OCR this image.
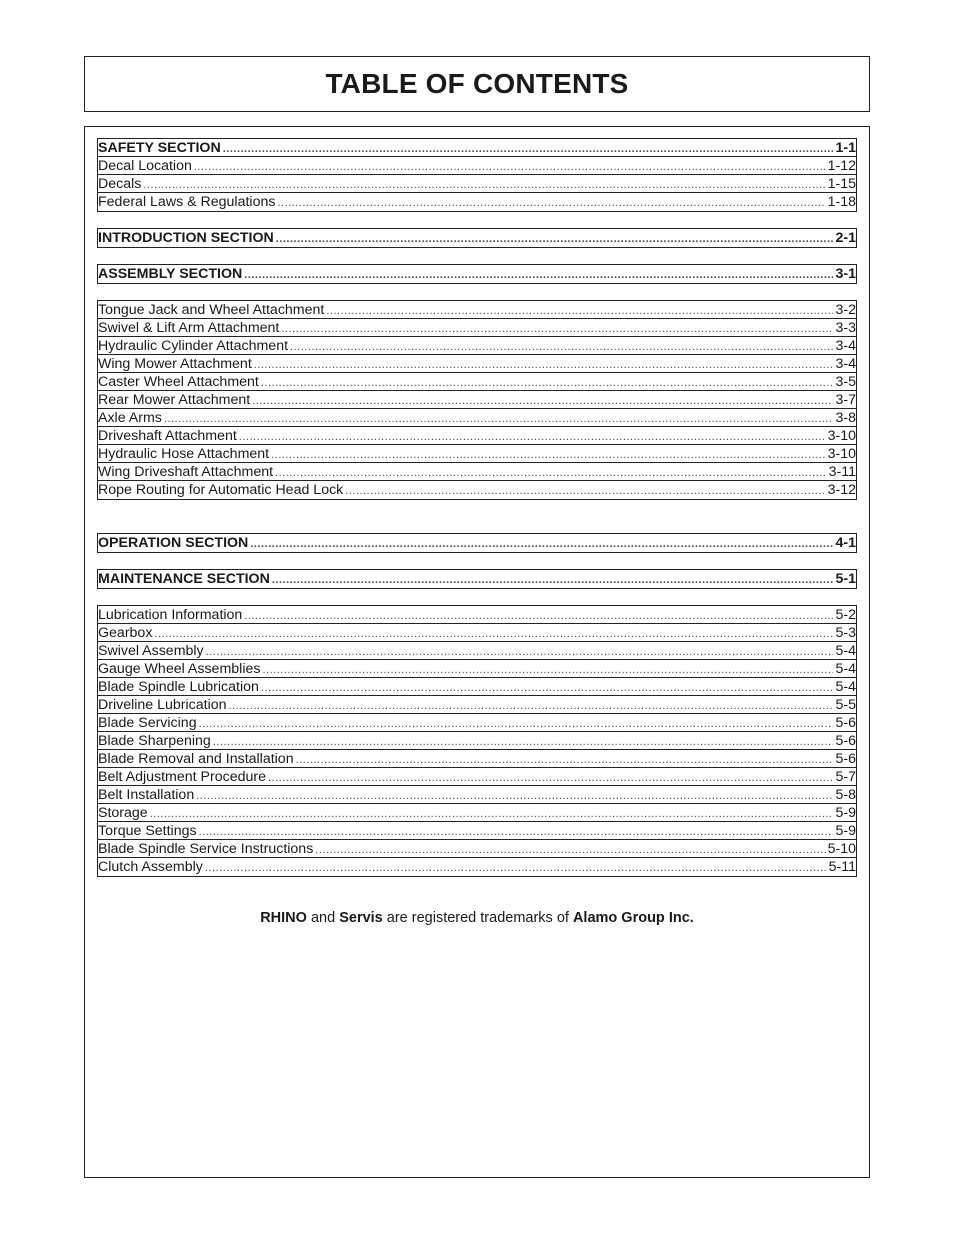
TABLE OF CONTENTS
SAFETY SECTION .....	1-1
Decal Location .....	1-12
Decals .....	1-15
Federal Laws & Regulations .....	1-18
INTRODUCTION SECTION .....	2-1
ASSEMBLY SECTION .....	3-1
Tongue Jack and Wheel Attachment .....	3-2
Swivel & Lift Arm Attachment .....	3-3
Hydraulic Cylinder Attachment .....	3-4
Wing Mower Attachment .....	3-4
Caster Wheel Attachment .....	3-5
Rear Mower Attachment .....	3-7
Axle Arms .....	3-8
Driveshaft Attachment .....	3-10
Hydraulic Hose Attachment .....	3-10
Wing Driveshaft Attachment .....	3-11
Rope Routing for Automatic Head Lock .....	3-12
OPERATION SECTION .....	4-1
MAINTENANCE SECTION .....	5-1
Lubrication Information .....	5-2
Gearbox .....	5-3
Swivel Assembly .....	5-4
Gauge Wheel Assemblies .....	5-4
Blade Spindle Lubrication .....	5-4
Driveline Lubrication .....	5-5
Blade Servicing .....	5-6
Blade Sharpening .....	5-6
Blade Removal and Installation .....	5-6
Belt Adjustment Procedure .....	5-7
Belt Installation .....	5-8
Storage .....	5-9
Torque Settings .....	5-9
Blade Spindle Service Instructions .....	5-10
Clutch Assembly .....	5-11
RHINO and Servis are registered trademarks of Alamo Group Inc.
